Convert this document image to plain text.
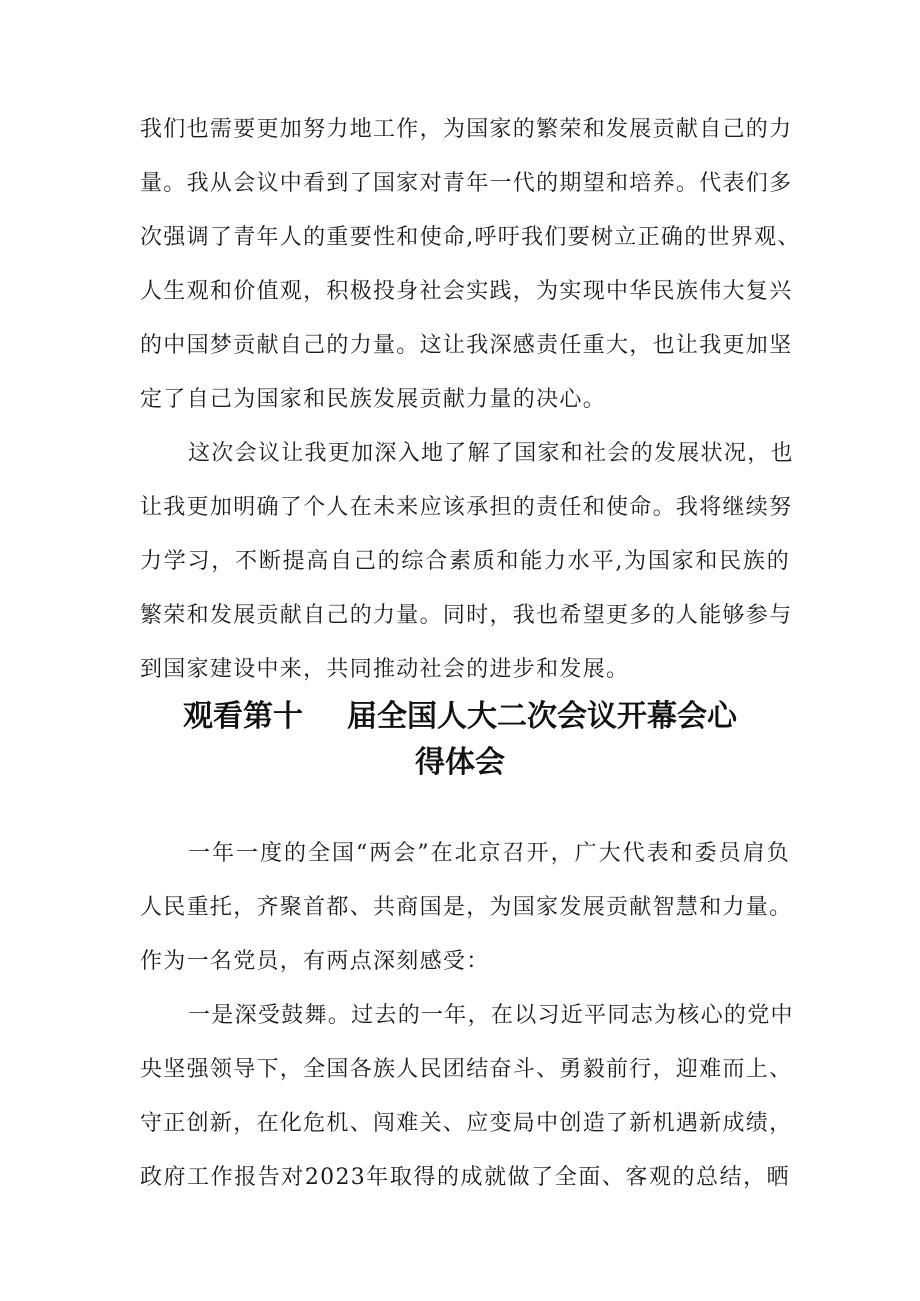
我们也需要更加努力地工作，为国家的繁荣和发展贡献自己的力
量。我从会议中看到了国家对青年一代的期望和培养。代表们多
次强调了青年人的重要性和使命,呼吁我们要树立正确的世界观、
人生观和价值观，积极投身社会实践，为实现中华民族伟大复兴
的中国梦贡献自己的力量。这让我深感责任重大，也让我更加坚
定了自己为国家和民族发展贡献力量的决心。
这次会议让我更加深入地了解了国家和社会的发展状况，也
让我更加明确了个人在未来应该承担的责任和使命。我将继续努
力学习，不断提高自己的综合素质和能力水平,为国家和民族的
繁荣和发展贡献自己的力量。同时，我也希望更多的人能够参与
到国家建设中来，共同推动社会的进步和发展。
观看第十 届全国人大二次会议开幕会心
得体会
一年一度的全国“两会”在北京召开，广大代表和委员肩负
人民重托，齐聚首都、共商国是，为国家发展贡献智慧和力量。
作为一名党员，有两点深刻感受：
一是深受鼓舞。过去的一年，在以习近平同志为核心的党中
央坚强领导下，全国各族人民团结奋斗、勇毅前行，迎难而上、
守正创新，在化危机、闯难关、应变局中创造了新机遇新成绩，
政府工作报告对2023年取得的成就做了全面、客观的总结，晒
